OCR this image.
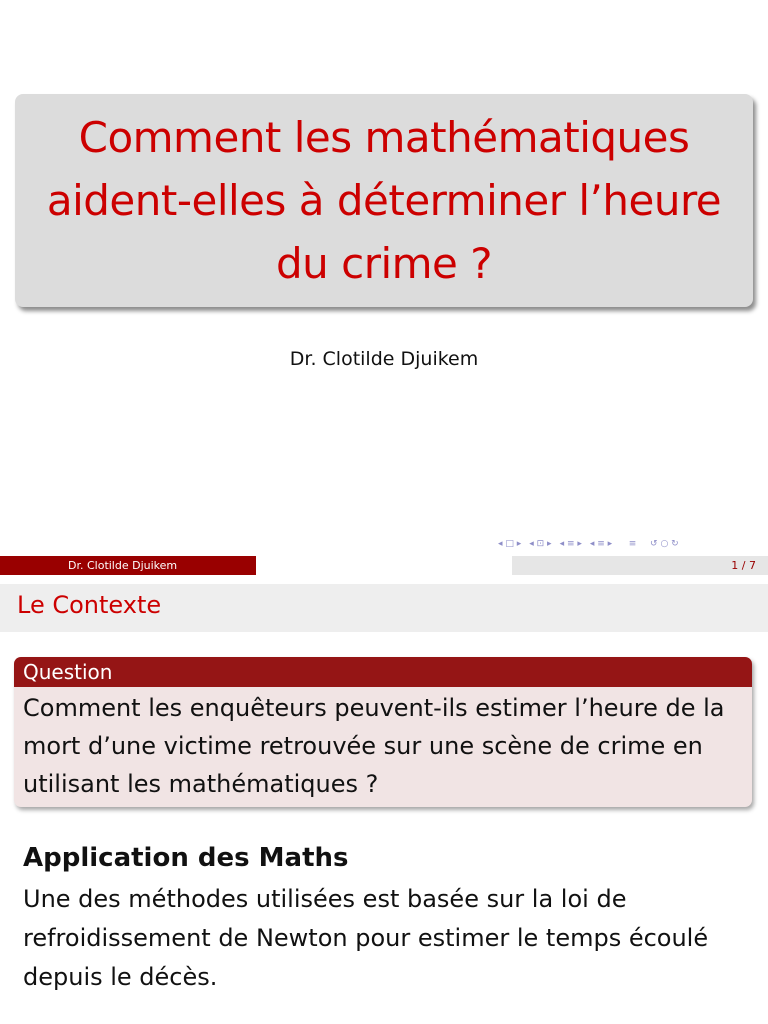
Comment les mathématiques aident-elles à déterminer l’heure du crime ?
Dr. Clotilde Djuikem
◂ □ ▸ ◂ ⊡ ▸ ◂ ≡ ▸ ◂ ≡ ▸ ≡ ↺ ○ ↻
Dr. Clotilde Djuikem	1 / 7
Le Contexte
Question
Comment les enquêteurs peuvent-ils estimer l’heure de la mort d’une victime retrouvée sur une scène de crime en utilisant les mathématiques ?
Application des Maths
Une des méthodes utilisées est basée sur la loi de refroidissement de Newton pour estimer le temps écoulé depuis le décès.
